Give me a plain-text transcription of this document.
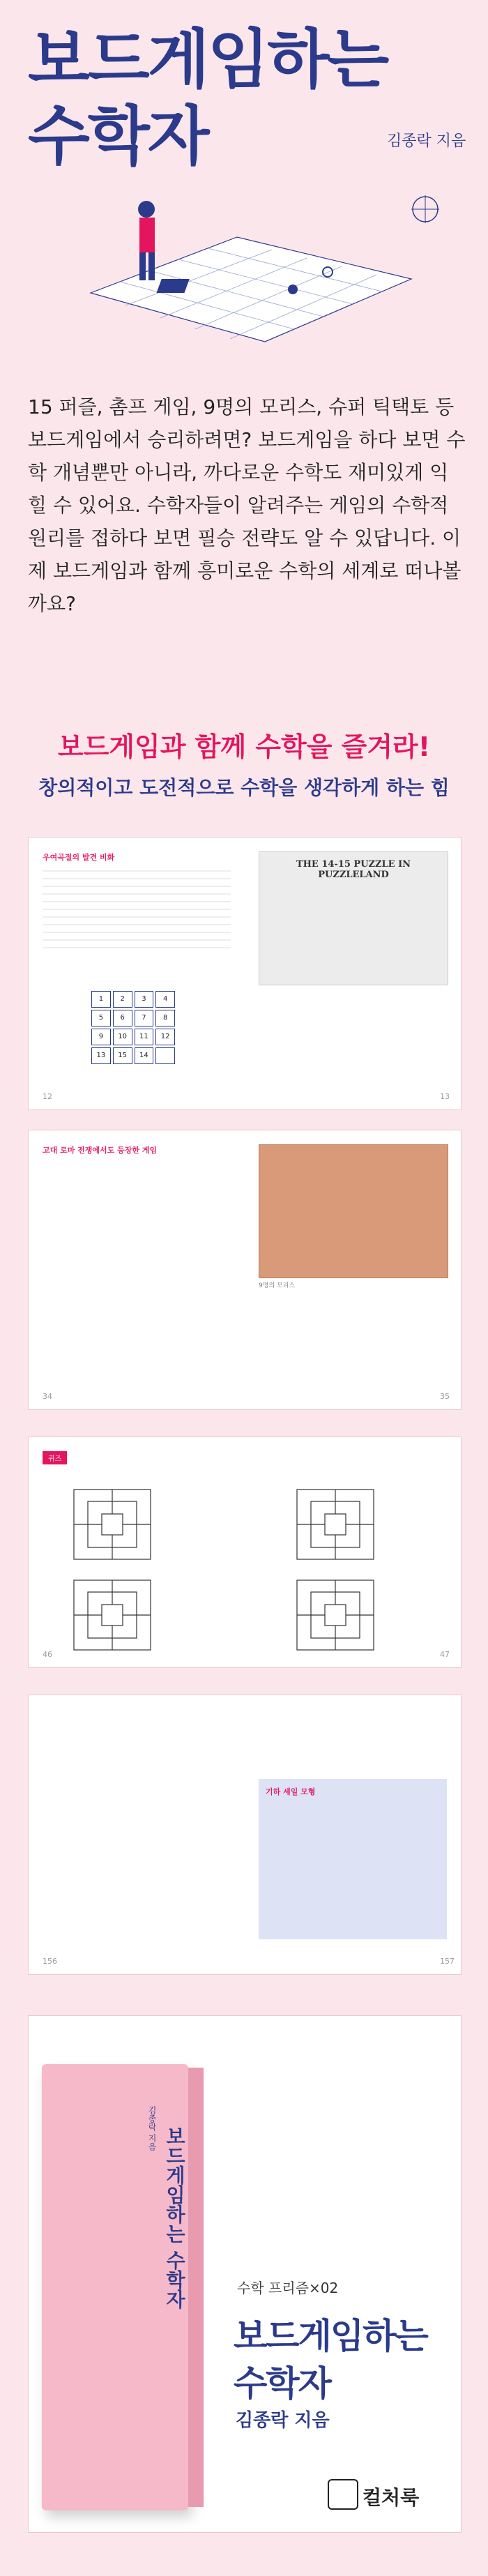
보드게임하는
수학자	김종락 지음
15 퍼즐, 촘프 게임, 9명의 모리스, 슈퍼 틱택토 등 보드게임에서 승리하려면? 보드게임을 하다 보면 수학 개념뿐만 아니라, 까다로운 수학도 재미있게 익힐 수 있어요. 수학자들이 알려주는 게임의 수학적 원리를 접하다 보면 필승 전략도 알 수 있답니다. 이제 보드게임과 함께 흥미로운 수학의 세계로 떠나볼까요?
보드게임과 함께 수학을 즐겨라!
창의적이고 도전적으로 수학을 생각하게 하는 힘
우여곡절의 발견 비화
1	2	3	4
5	6	7	8
9	10	11	12
13	15	14
THE 14-15 PUZZLE IN PUZZLELAND
12	13
고대 로마 전쟁에서도 등장한 게임
9명의 모리스
34	35
퀴즈
46	47
기하 세일 모형
156	157
보드게임하는 수학자
김종락 지음
수학 프리즘×02
보드게임하는
수학자
김종락 지음
컬처룩
